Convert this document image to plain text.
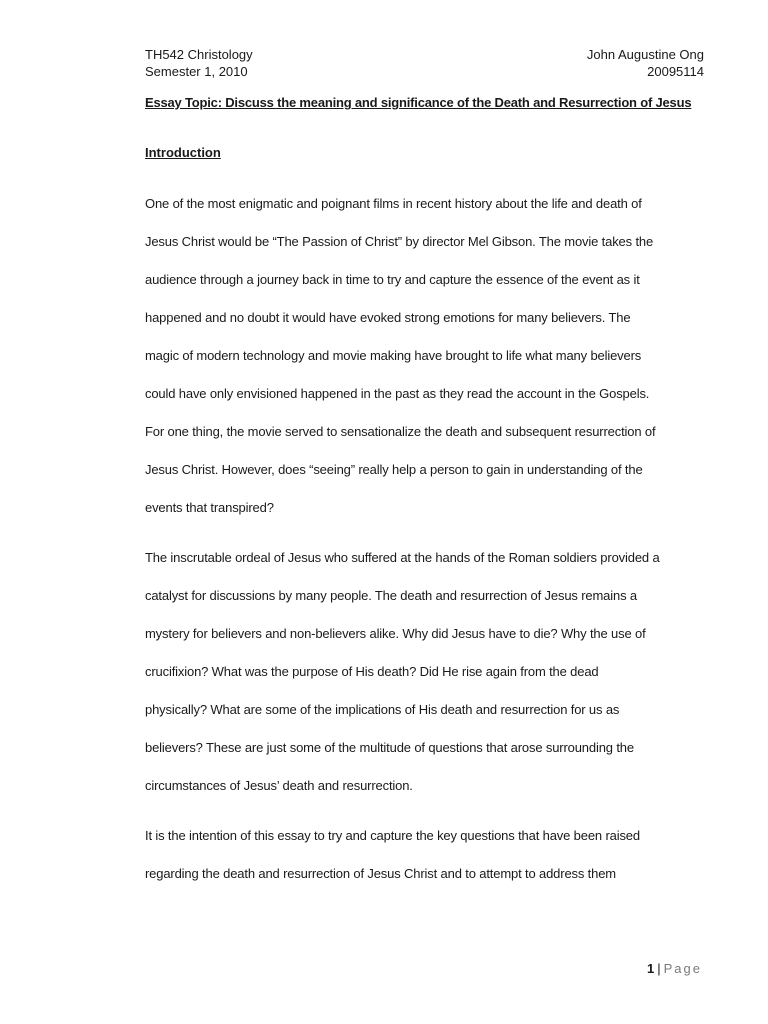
TH542 Christology
Semester 1, 2010
John Augustine Ong
20095114
Essay Topic: Discuss the meaning and significance of the Death and Resurrection of Jesus
Introduction
One of the most enigmatic and poignant films in recent history about the life and death of
Jesus Christ would be “The Passion of Christ” by director Mel Gibson. The movie takes the
audience through a journey back in time to try and capture the essence of the event as it
happened and no doubt it would have evoked strong emotions for many believers. The
magic of modern technology and movie making have brought to life what many believers
could have only envisioned happened in the past as they read the account in the Gospels.
For one thing, the movie served to sensationalize the death and subsequent resurrection of
Jesus Christ. However, does “seeing” really help a person to gain in understanding of the
events that transpired?
The inscrutable ordeal of Jesus who suffered at the hands of the Roman soldiers provided a
catalyst for discussions by many people. The death and resurrection of Jesus remains a
mystery for believers and non-believers alike. Why did Jesus have to die? Why the use of
crucifixion? What was the purpose of His death? Did He rise again from the dead
physically? What are some of the implications of His death and resurrection for us as
believers? These are just some of the multitude of questions that arose surrounding the
circumstances of Jesus’ death and resurrection.
It is the intention of this essay to try and capture the key questions that have been raised
regarding the death and resurrection of Jesus Christ and to attempt to address them
1 | Page
